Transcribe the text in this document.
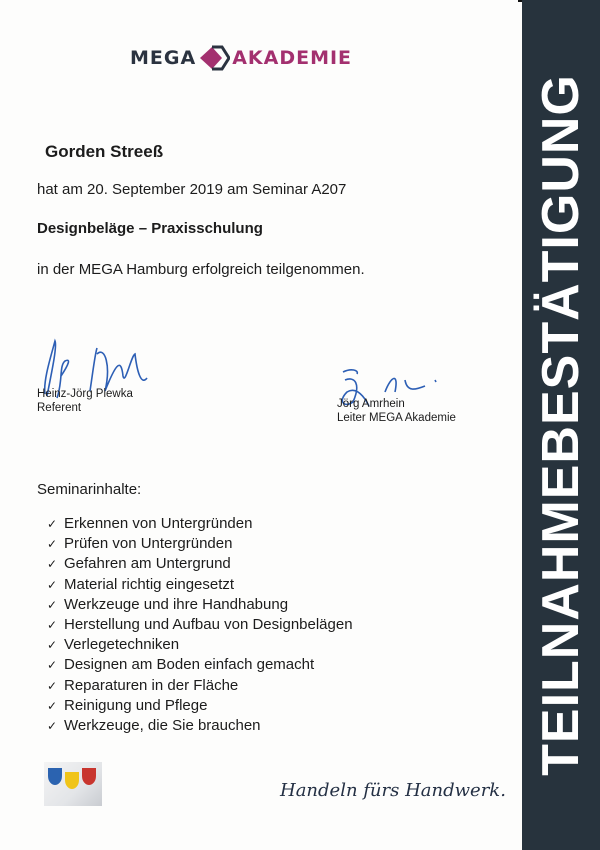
MEGA AKADEMIE
Gorden Streeß
hat am 20. September 2019 am Seminar A207
Designbeläge – Praxisschulung
in der MEGA Hamburg erfolgreich teilgenommen.
Heinz-Jörg Plewka
Referent	Jörg Amrhein
Leiter MEGA Akademie
Seminarinhalte:
✓ Erkennen von Untergründen
✓ Prüfen von Untergründen
✓ Gefahren am Untergrund
✓ Material richtig eingesetzt
✓ Werkzeuge und ihre Handhabung
✓ Herstellung und Aufbau von Designbelägen
✓ Verlegetechniken
✓ Designen am Boden einfach gemacht
✓ Reparaturen in der Fläche
✓ Reinigung und Pflege
✓ Werkzeuge, die Sie brauchen
Handeln fürs Handwerk.
TEILNAHMEBESTÄTIGUNG
